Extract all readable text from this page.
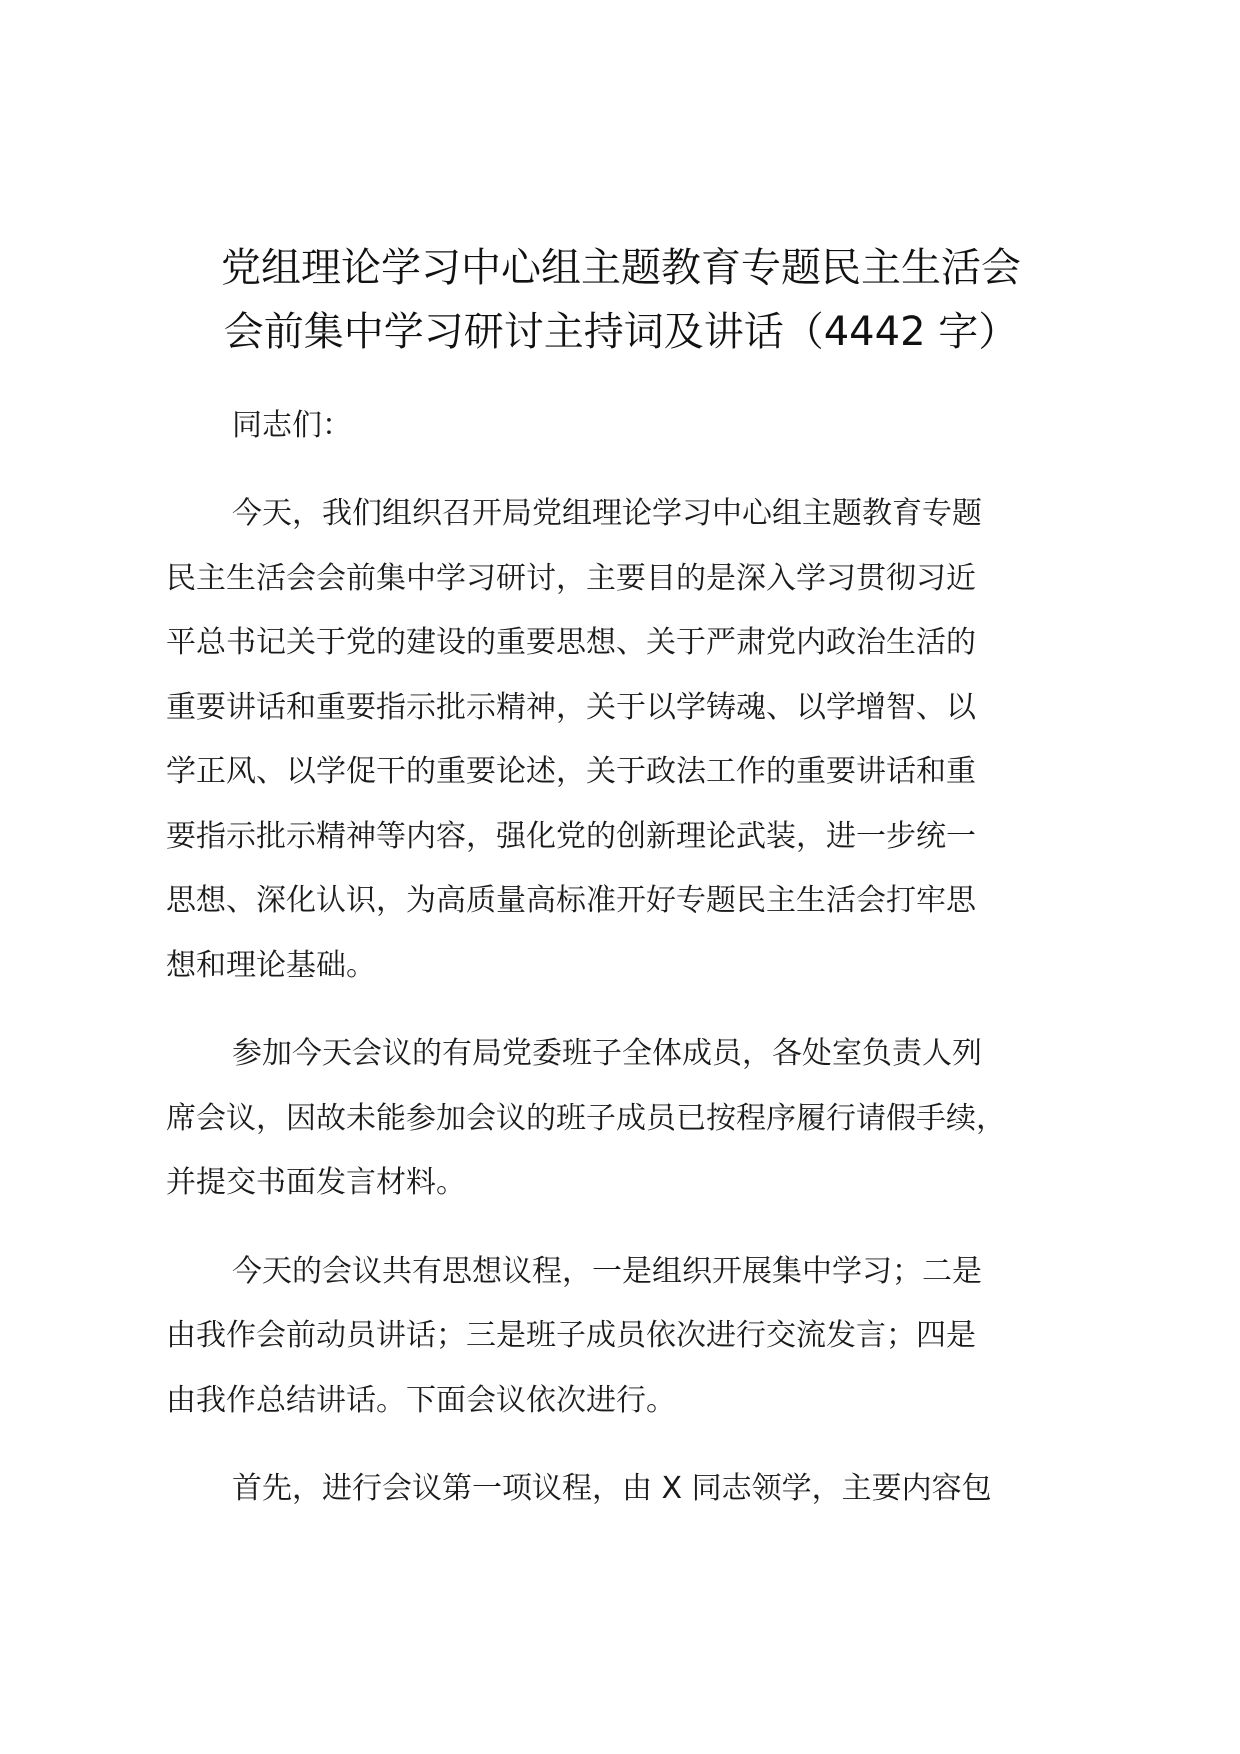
党组理论学习中心组主题教育专题民主生活会
会前集中学习研讨主持词及讲话（4442 字）

同志们：

今天，我们组织召开局党组理论学习中心组主题教育专题
民主生活会会前集中学习研讨，主要目的是深入学习贯彻习近
平总书记关于党的建设的重要思想、关于严肃党内政治生活的
重要讲话和重要指示批示精神，关于以学铸魂、以学增智、以
学正风、以学促干的重要论述，关于政法工作的重要讲话和重
要指示批示精神等内容，强化党的创新理论武装，进一步统一
思想、深化认识，为高质量高标准开好专题民主生活会打牢思
想和理论基础。

参加今天会议的有局党委班子全体成员，各处室负责人列
席会议，因故未能参加会议的班子成员已按程序履行请假手续，
并提交书面发言材料。

今天的会议共有思想议程，一是组织开展集中学习；二是
由我作会前动员讲话；三是班子成员依次进行交流发言；四是
由我作总结讲话。下面会议依次进行。

首先，进行会议第一项议程，由 X 同志领学，主要内容包
